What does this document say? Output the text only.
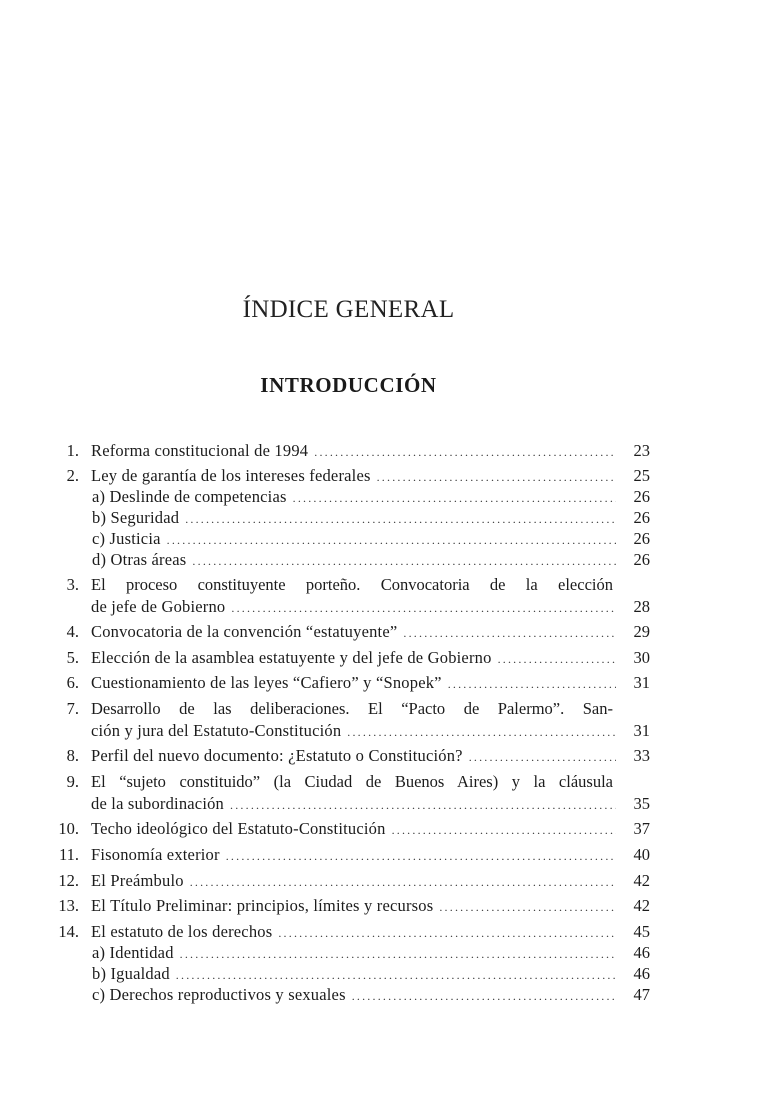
ÍNDICE GENERAL
INTRODUCCIÓN
1. Reforma constitucional de 1994 .....	23
2. Ley de garantía de los intereses federales .....	25
a) Deslinde de competencias .....	26
b) Seguridad .....	26
c) Justicia .....	26
d) Otras áreas .....	26
3. El proceso constituyente porteño. Convocatoria de la elección
de jefe de Gobierno .....	28
4. Convocatoria de la convención “estatuyente” .....	29
5. Elección de la asamblea estatuyente y del jefe de Gobierno .....	30
6. Cuestionamiento de las leyes “Cafiero” y “Snopek” .....	31
7. Desarrollo de las deliberaciones. El “Pacto de Palermo”. San-
ción y jura del Estatuto-Constitución .....	31
8. Perfil del nuevo documento: ¿Estatuto o Constitución? .....	33
9. El “sujeto constituido” (la Ciudad de Buenos Aires) y la cláusula
de la subordinación .....	35
10. Techo ideológico del Estatuto-Constitución .....	37
11. Fisonomía exterior .....	40
12. El Preámbulo .....	42
13. El Título Preliminar: principios, límites y recursos .....	42
14. El estatuto de los derechos .....	45
a) Identidad .....	46
b) Igualdad .....	46
c) Derechos reproductivos y sexuales .....	47
